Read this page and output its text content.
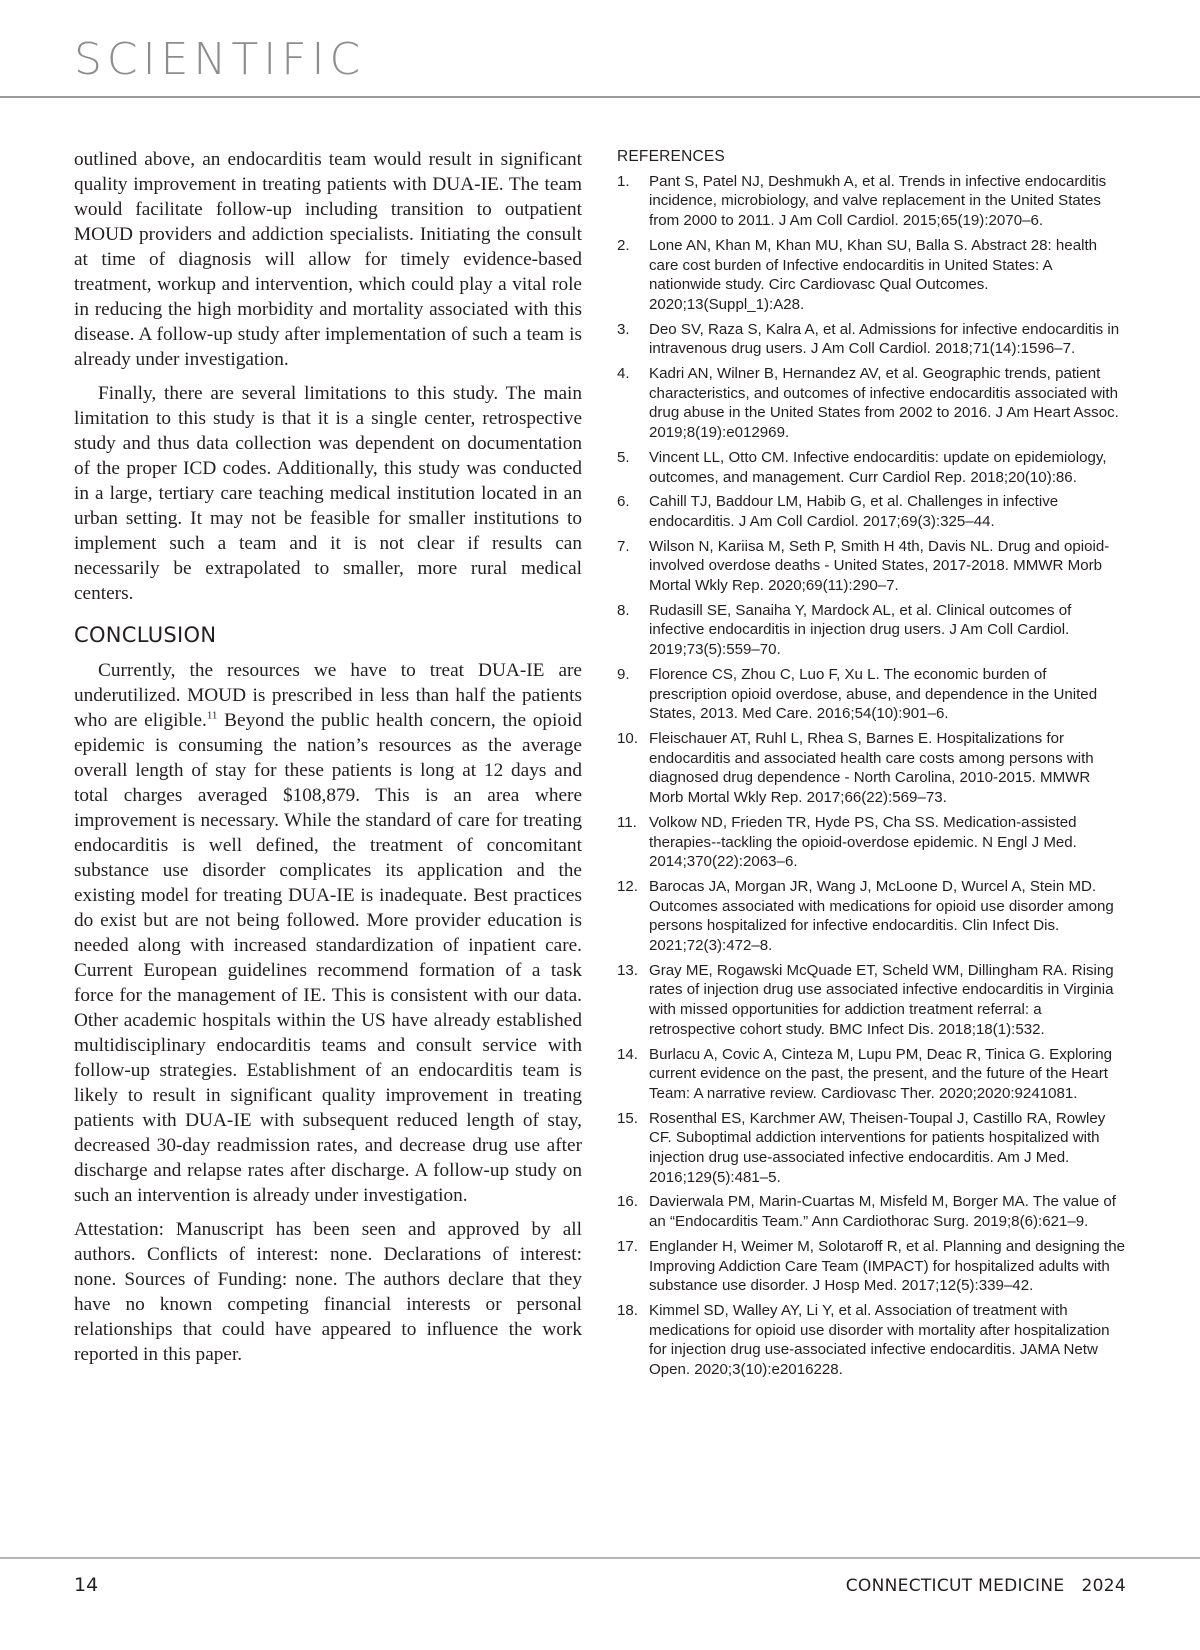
SCIENTIFIC

outlined above, an endocarditis team would result in significant quality improvement in treating patients with DUA-IE. The team would facilitate follow-up including transition to outpatient MOUD providers and addiction specialists. Initiating the consult at time of diagnosis will allow for timely evidence-based treatment, workup and intervention, which could play a vital role in reducing the high morbidity and mortality associated with this disease. A follow-up study after implementation of such a team is already under investigation.

Finally, there are several limitations to this study. The main limitation to this study is that it is a single center, retrospective study and thus data collection was dependent on documentation of the proper ICD codes. Additionally, this study was conducted in a large, tertiary care teaching medical institution located in an urban setting. It may not be feasible for smaller institutions to implement such a team and it is not clear if results can necessarily be extrapolated to smaller, more rural medical centers.

CONCLUSION

Currently, the resources we have to treat DUA-IE are underutilized. MOUD is prescribed in less than half the patients who are eligible.$^{11}$ Beyond the public health concern, the opioid epidemic is consuming the nation’s resources as the average overall length of stay for these patients is long at 12 days and total charges averaged $108,879. This is an area where improvement is necessary. While the standard of care for treating endocarditis is well defined, the treatment of concomitant substance use disorder complicates its application and the existing model for treating DUA-IE is inadequate. Best practices do exist but are not being followed. More provider education is needed along with increased standardization of inpatient care. Current European guidelines recommend formation of a task force for the management of IE. This is consistent with our data. Other academic hospitals within the US have already established multidisciplinary endocarditis teams and consult service with follow-up strategies. Establishment of an endocarditis team is likely to result in significant quality improvement in treating patients with DUA-IE with subsequent reduced length of stay, decreased 30-day readmission rates, and decrease drug use after discharge and relapse rates after discharge. A follow-up study on such an intervention is already under investigation.

Attestation: Manuscript has been seen and approved by all authors. Conflicts of interest: none. Declarations of interest: none. Sources of Funding: none. The authors declare that they have no known competing financial interests or personal relationships that could have appeared to influence the work reported in this paper.

REFERENCES
1. Pant S, Patel NJ, Deshmukh A, et al. Trends in infective endocarditis incidence, microbiology, and valve replacement in the United States from 2000 to 2011. J Am Coll Cardiol. 2015;65(19):2070–6.
2. Lone AN, Khan M, Khan MU, Khan SU, Balla S. Abstract 28: health care cost burden of Infective endocarditis in United States: A nationwide study. Circ Cardiovasc Qual Outcomes. 2020;13(Suppl_1):A28.
3. Deo SV, Raza S, Kalra A, et al. Admissions for infective endocarditis in intravenous drug users. J Am Coll Cardiol. 2018;71(14):1596–7.
4. Kadri AN, Wilner B, Hernandez AV, et al. Geographic trends, patient characteristics, and outcomes of infective endocarditis associated with drug abuse in the United States from 2002 to 2016. J Am Heart Assoc. 2019;8(19):e012969.
5. Vincent LL, Otto CM. Infective endocarditis: update on epidemiology, outcomes, and management. Curr Cardiol Rep. 2018;20(10):86.
6. Cahill TJ, Baddour LM, Habib G, et al. Challenges in infective endocarditis. J Am Coll Cardiol. 2017;69(3):325–44.
7. Wilson N, Kariisa M, Seth P, Smith H 4th, Davis NL. Drug and opioid-involved overdose deaths - United States, 2017-2018. MMWR Morb Mortal Wkly Rep. 2020;69(11):290–7.
8. Rudasill SE, Sanaiha Y, Mardock AL, et al. Clinical outcomes of infective endocarditis in injection drug users. J Am Coll Cardiol. 2019;73(5):559–70.
9. Florence CS, Zhou C, Luo F, Xu L. The economic burden of prescription opioid overdose, abuse, and dependence in the United States, 2013. Med Care. 2016;54(10):901–6.
10. Fleischauer AT, Ruhl L, Rhea S, Barnes E. Hospitalizations for endocarditis and associated health care costs among persons with diagnosed drug dependence - North Carolina, 2010-2015. MMWR Morb Mortal Wkly Rep. 2017;66(22):569–73.
11. Volkow ND, Frieden TR, Hyde PS, Cha SS. Medication-assisted therapies--tackling the opioid-overdose epidemic. N Engl J Med. 2014;370(22):2063–6.
12. Barocas JA, Morgan JR, Wang J, McLoone D, Wurcel A, Stein MD. Outcomes associated with medications for opioid use disorder among persons hospitalized for infective endocarditis. Clin Infect Dis. 2021;72(3):472–8.
13. Gray ME, Rogawski McQuade ET, Scheld WM, Dillingham RA. Rising rates of injection drug use associated infective endocarditis in Virginia with missed opportunities for addiction treatment referral: a retrospective cohort study. BMC Infect Dis. 2018;18(1):532.
14. Burlacu A, Covic A, Cinteza M, Lupu PM, Deac R, Tinica G. Exploring current evidence on the past, the present, and the future of the Heart Team: A narrative review. Cardiovasc Ther. 2020;2020:9241081.
15. Rosenthal ES, Karchmer AW, Theisen-Toupal J, Castillo RA, Rowley CF. Suboptimal addiction interventions for patients hospitalized with injection drug use-associated infective endocarditis. Am J Med. 2016;129(5):481–5.
16. Davierwala PM, Marin-Cuartas M, Misfeld M, Borger MA. The value of an “Endocarditis Team.” Ann Cardiothorac Surg. 2019;8(6):621–9.
17. Englander H, Weimer M, Solotaroff R, et al. Planning and designing the Improving Addiction Care Team (IMPACT) for hospitalized adults with substance use disorder. J Hosp Med. 2017;12(5):339–42.
18. Kimmel SD, Walley AY, Li Y, et al. Association of treatment with medications for opioid use disorder with mortality after hospitalization for injection drug use-associated infective endocarditis. JAMA Netw Open. 2020;3(10):e2016228.
14	CONNECTICUT MEDICINE   2024
